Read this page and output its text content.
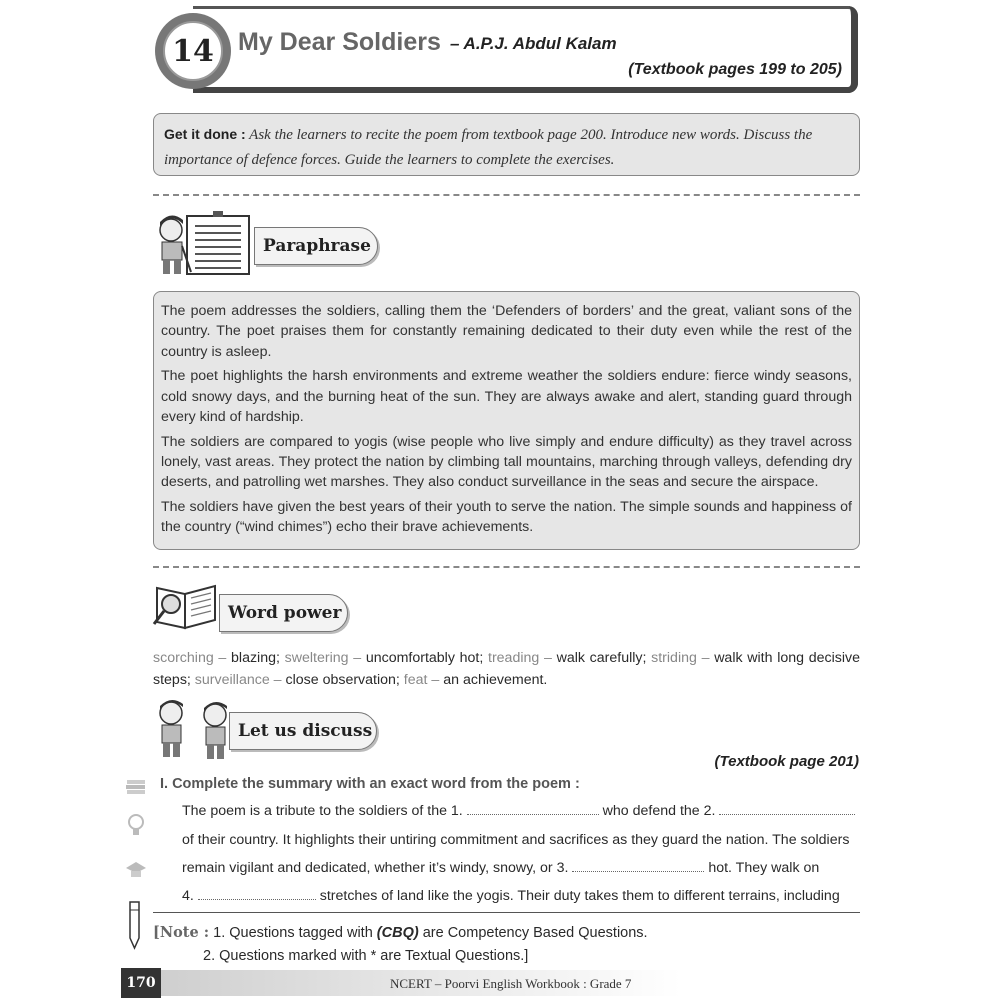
14 My Dear Soldiers – A.P.J. Abdul Kalam
(Textbook pages 199 to 205)
Get it done : Ask the learners to recite the poem from textbook page 200. Introduce new words. Discuss the importance of defence forces. Guide the learners to complete the exercises.
Paraphrase

The poem addresses the soldiers, calling them the ‘Defenders of borders’ and the great, valiant sons of the country. The poet praises them for constantly remaining dedicated to their duty even while the rest of the country is asleep.

The poet highlights the harsh environments and extreme weather the soldiers endure: fierce windy seasons, cold snowy days, and the burning heat of the sun. They are always awake and alert, standing guard through every kind of hardship.

The soldiers are compared to yogis (wise people who live simply and endure difficulty) as they travel across lonely, vast areas. They protect the nation by climbing tall mountains, marching through valleys, defending dry deserts, and patrolling wet marshes. They also conduct surveillance in the seas and secure the airspace.

The soldiers have given the best years of their youth to serve the nation. The simple sounds and happiness of the country (“wind chimes”) echo their brave achievements.

Word power
scorching – blazing; sweltering – uncomfortably hot; treading – walk carefully; striding – walk with long decisive steps; surveillance – close observation; feat – an achievement.
Let us discuss
(Textbook page 201)
I. Complete the summary with an exact word from the poem :
The poem is a tribute to the soldiers of the 1.	who defend the 2.
of their country. It highlights their untiring commitment and sacrifices as they guard the nation. The soldiers
remain vigilant and dedicated, whether it’s windy, snowy, or 3.	hot. They walk on
4.	stretches of land like the yogis. Their duty takes them to different terrains, including
[Note : 1. Questions tagged with (CBQ) are Competency Based Questions.
2. Questions marked with * are Textual Questions.]
170	NCERT – Poorvi English Workbook : Grade 7
